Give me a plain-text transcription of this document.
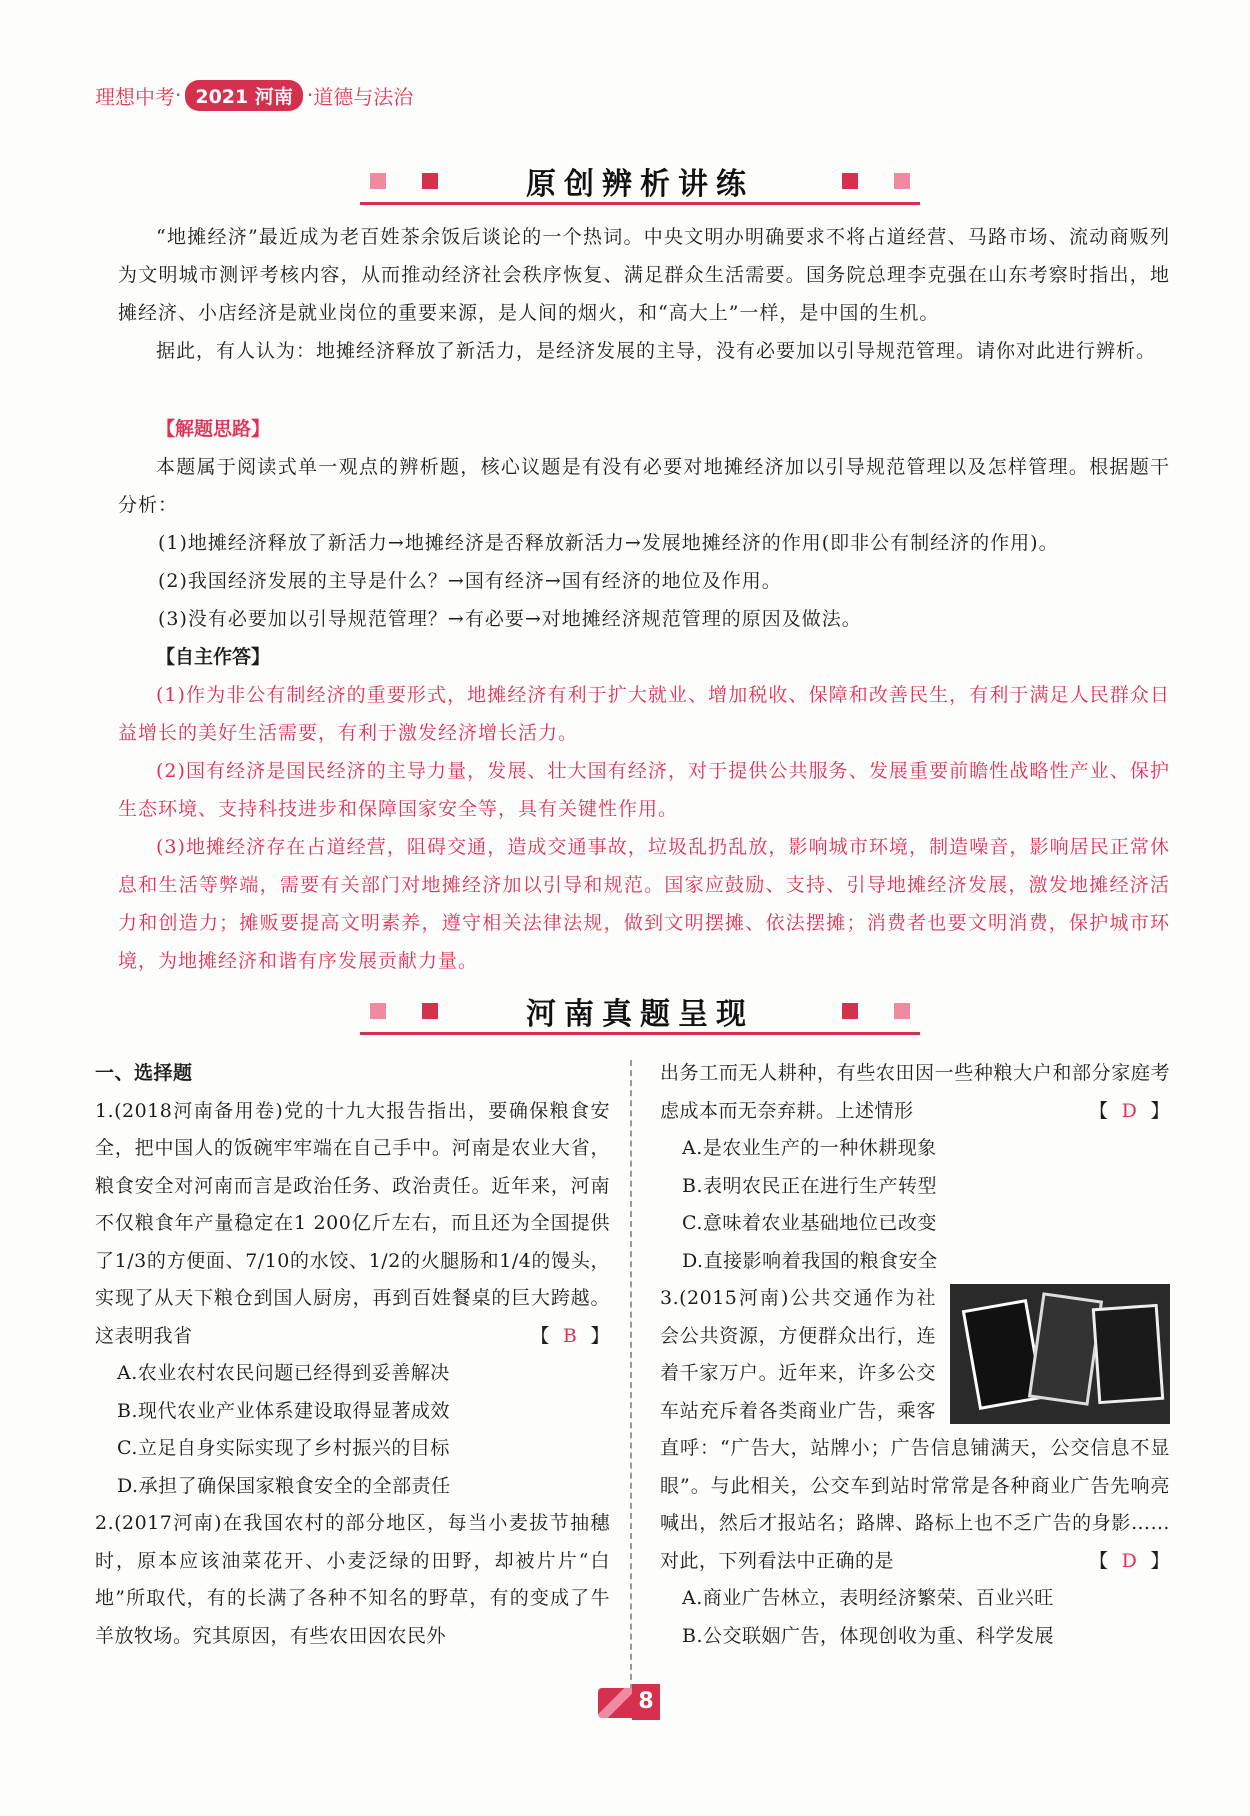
理想中考 · 2021 河南 · 道德与法治
原创辨析讲练

“地摊经济”最近成为老百姓茶余饭后谈论的一个热词。中央文明办明确要求不将占道经营、马路市场、流动商贩列为文明城市测评考核内容，从而推动经济社会秩序恢复、满足群众生活需要。国务院总理李克强在山东考察时指出，地摊经济、小店经济是就业岗位的重要来源，是人间的烟火，和“高大上”一样，是中国的生机。

据此，有人认为：地摊经济释放了新活力，是经济发展的主导，没有必要加以引导规范管理。请你对此进行辨析。

【解题思路】

本题属于阅读式单一观点的辨析题，核心议题是有没有必要对地摊经济加以引导规范管理以及怎样管理。根据题干分析：

(1)地摊经济释放了新活力→地摊经济是否释放新活力→发展地摊经济的作用(即非公有制经济的作用)。

(2)我国经济发展的主导是什么？→国有经济→国有经济的地位及作用。

(3)没有必要加以引导规范管理？→有必要→对地摊经济规范管理的原因及做法。

【自主作答】

(1)作为非公有制经济的重要形式，地摊经济有利于扩大就业、增加税收、保障和改善民生，有利于满足人民群众日益增长的美好生活需要，有利于激发经济增长活力。

(2)国有经济是国民经济的主导力量，发展、壮大国有经济，对于提供公共服务、发展重要前瞻性战略性产业、保护生态环境、支持科技进步和保障国家安全等，具有关键性作用。

(3)地摊经济存在占道经营，阻碍交通，造成交通事故，垃圾乱扔乱放，影响城市环境，制造噪音，影响居民正常休息和生活等弊端，需要有关部门对地摊经济加以引导和规范。国家应鼓励、支持、引导地摊经济发展，激发地摊经济活力和创造力；摊贩要提高文明素养，遵守相关法律法规，做到文明摆摊、依法摆摊；消费者也要文明消费，保护城市环境，为地摊经济和谐有序发展贡献力量。

河南真题呈现

一、选择题

1.(2018河南备用卷)党的十九大报告指出，要确保粮食安全，把中国人的饭碗牢牢端在自己手中。河南是农业大省，粮食安全对河南而言是政治任务、政治责任。近年来，河南不仅粮食年产量稳定在1 200亿斤左右，而且还为全国提供了1/3的方便面、7/10的水饺、1/2的火腿肠和1/4的馒头，实现了从天下粮仓到国人厨房，再到百姓餐桌的巨大跨越。这表明我省	【 B 】

A.农业农村农民问题已经得到妥善解决

B.现代农业产业体系建设取得显著成效

C.立足自身实际实现了乡村振兴的目标

D.承担了确保国家粮食安全的全部责任

2.(2017河南)在我国农村的部分地区，每当小麦拔节抽穗时，原本应该油菜花开、小麦泛绿的田野，却被片片“白地”所取代，有的长满了各种不知名的野草，有的变成了牛羊放牧场。究其原因，有些农田因农民外

出务工而无人耕种，有些农田因一些种粮大户和部分家庭考虑成本而无奈弃耕。上述情形	【 D 】

A.是农业生产的一种休耕现象

B.表明农民正在进行生产转型

C.意味着农业基础地位已改变

D.直接影响着我国的粮食安全

3.(2015河南)公共交通作为社会公共资源，方便群众出行，连着千家万户。近年来，许多公交车站充斥着各类商业广告，乘客直呼：“广告大，站牌小；广告信息铺满天，公交信息不显眼”。与此相关，公交车到站时常常是各种商业广告先响亮喊出，然后才报站名；路牌、路标上也不乏广告的身影……对此，下列看法中正确的是	【 D 】

A.商业广告林立，表明经济繁荣、百业兴旺

B.公交联姻广告，体现创收为重、科学发展

8
